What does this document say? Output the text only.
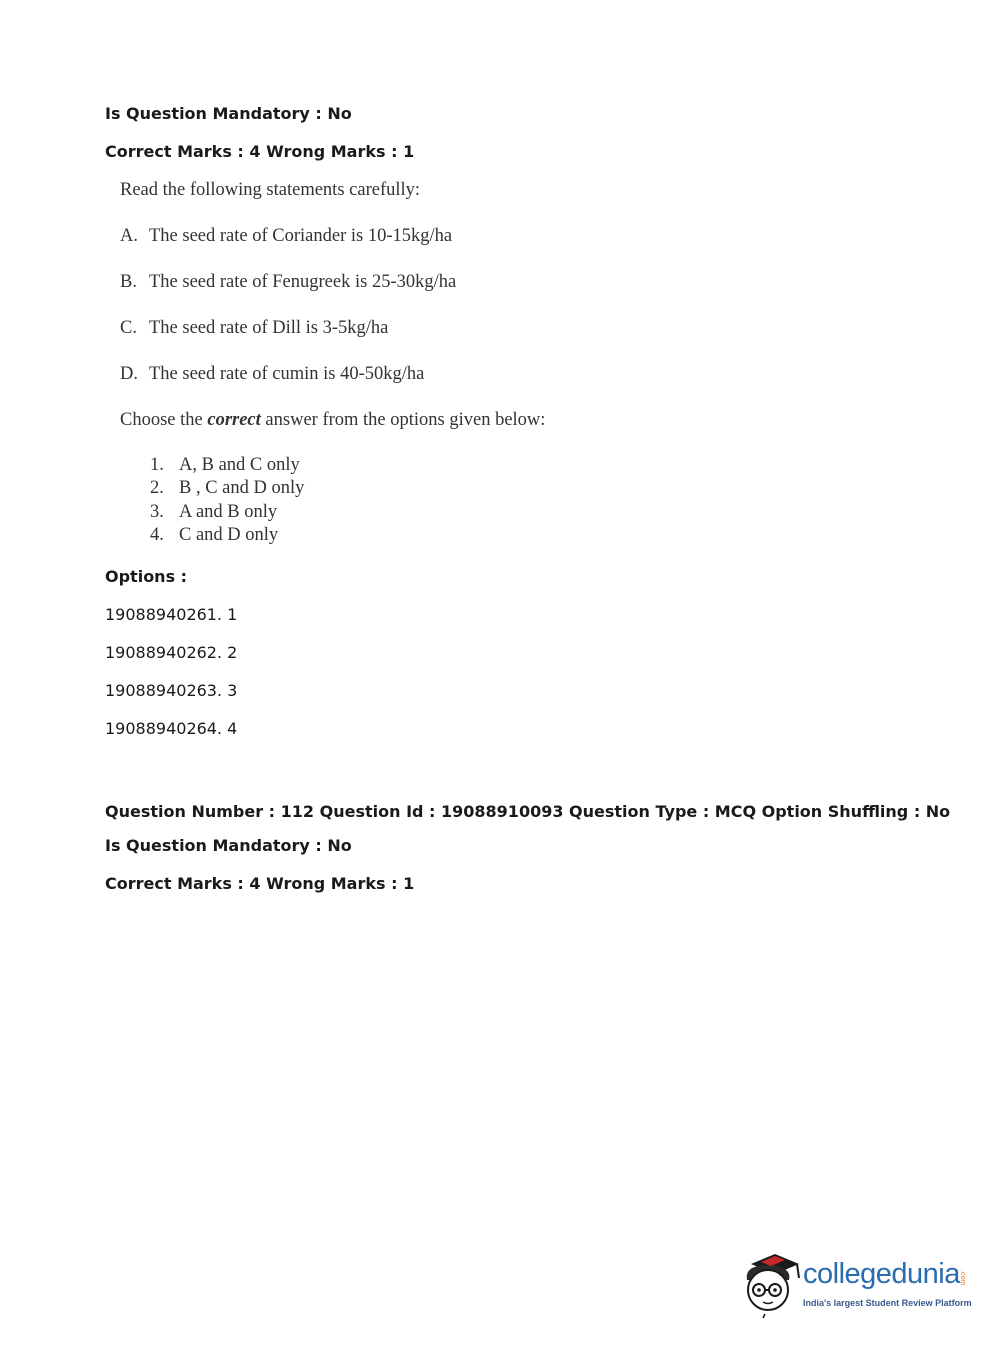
Is Question Mandatory : No
Correct Marks : 4 Wrong Marks : 1
Read the following statements carefully:
A. The seed rate of Coriander is 10-15kg/ha
B. The seed rate of Fenugreek is 25-30kg/ha
C. The seed rate of Dill is 3-5kg/ha
D. The seed rate of cumin is 40-50kg/ha
Choose the correct answer from the options given below:
1. A, B and C only
2. B , C and D only
3. A and B only
4. C and D only
Options :
19088940261. 1
19088940262. 2
19088940263. 3
19088940264. 4
Question Number : 112 Question Id : 19088910093 Question Type : MCQ Option Shuffling : No
Is Question Mandatory : No
Correct Marks : 4 Wrong Marks : 1
collegedunia .com
India's largest Student Review Platform
